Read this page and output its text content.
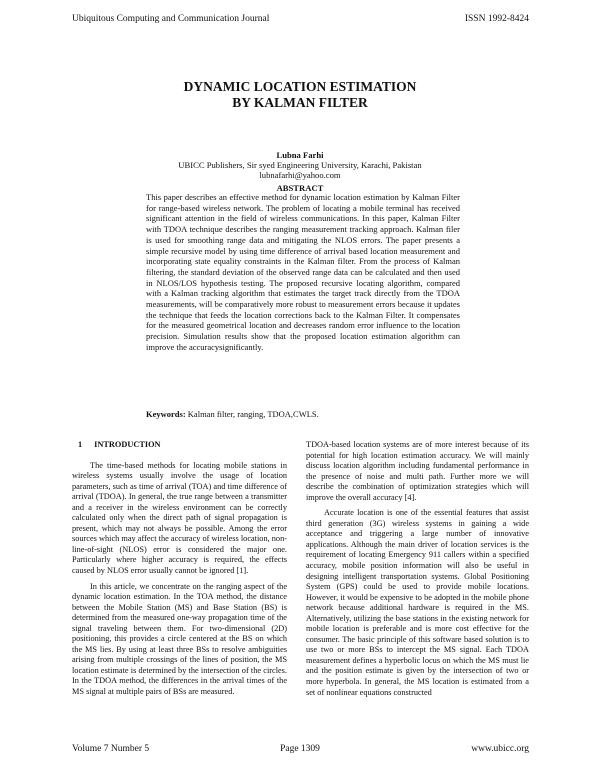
Ubiquitous Computing and Communication Journal	ISSN 1992-8424
DYNAMIC LOCATION ESTIMATION
BY KALMAN FILTER
Lubna Farhi
UBICC Publishers, Sir syed Engineering University, Karachi, Pakistan
lubnafarhi@yahoo.com
ABSTRACT

This paper describes an effective method for dynamic location estimation by Kalman Filter for range-based wireless network. The problem of locating a mobile terminal has received significant attention in the field of wireless communications. In this paper, Kalman Filter with TDOA technique describes the ranging measurement tracking approach. Kalman filer is used for smoothing range data and mitigating the NLOS errors. The paper presents a simple recursive model by using time difference of arrival based location measurement and incorporating state equality constraints in the Kalman filter. From the process of Kalman filtering, the standard deviation of the observed range data can be calculated and then used in NLOS/LOS hypothesis testing. The proposed recursive locating algorithm, compared with a Kalman tracking algorithm that estimates the target track directly from the TDOA measurements, will be comparatively more robust to measurement errors because it updates the technique that feeds the location corrections back to the Kalman Filter. It compensates for the measured geometrical location and decreases random error influence to the location precision. Simulation results show that the proposed location estimation algorithm can improve the accuracysignificantly.

Keywords: Kalman filter, ranging, TDOA,CWLS.

1 INTRODUCTION

The time-based methods for locating mobile stations in wireless systems usually involve the usage of location parameters, such as time of arrival (TOA) and time difference of arrival (TDOA). In general, the true range between a transmitter and a receiver in the wireless environment can be correctly calculated only when the direct path of signal propagation is present, which may not always be possible. Among the error sources which may affect the accuracy of wireless location, non-line-of-sight (NLOS) error is considered the major one. Particularly where higher accuracy is required, the effects caused by NLOS error usually cannot be ignored [1].

In this article, we concentrate on the ranging aspect of the dynamic location estimation. In the TOA method, the distance between the Mobile Station (MS) and Base Station (BS) is determined from the measured one-way propagation time of the signal traveling between them. For two-dimensional (2D) positioning, this provides a circle centered at the BS on which the MS lies. By using at least three BSs to resolve ambiguities arising from multiple crossings of the lines of position, the MS location estimate is determined by the intersection of the circles. In the TDOA method, the differences in the arrival times of the MS signal at multiple pairs of BSs are measured.

TDOA-based location systems are of more interest because of its potential for high location estimation accuracy. We will mainly discuss location algorithm including fundamental performance in the presence of noise and multi path. Further more we will describe the combination of optimization strategies which will improve the overall accuracy [4].

Accurate location is one of the essential features that assist third generation (3G) wireless systems in gaining a wide acceptance and triggering a large number of innovative applications. Although the main driver of location services is the requirement of locating Emergency 911 callers within a specified accuracy, mobile position information will also be useful in designing intelligent transportation systems. Global Positioning System (GPS) could be used to provide mobile locations. However, it would be expensive to be adopted in the mobile phone network because additional hardware is required in the MS. Alternatively, utilizing the base stations in the existing network for mobile location is preferable and is more cost effective for the consumer. The basic principle of this software based solution is to use two or more BSs to intercept the MS signal. Each TDOA measurement defines a hyperbolic locus on which the MS must lie and the position estimate is given by the intersection of two or more hyperbola. In general, the MS location is estimated from a set of nonlinear equations constructed

Volume 7 Number 5	Page 1309	www.ubicc.org
